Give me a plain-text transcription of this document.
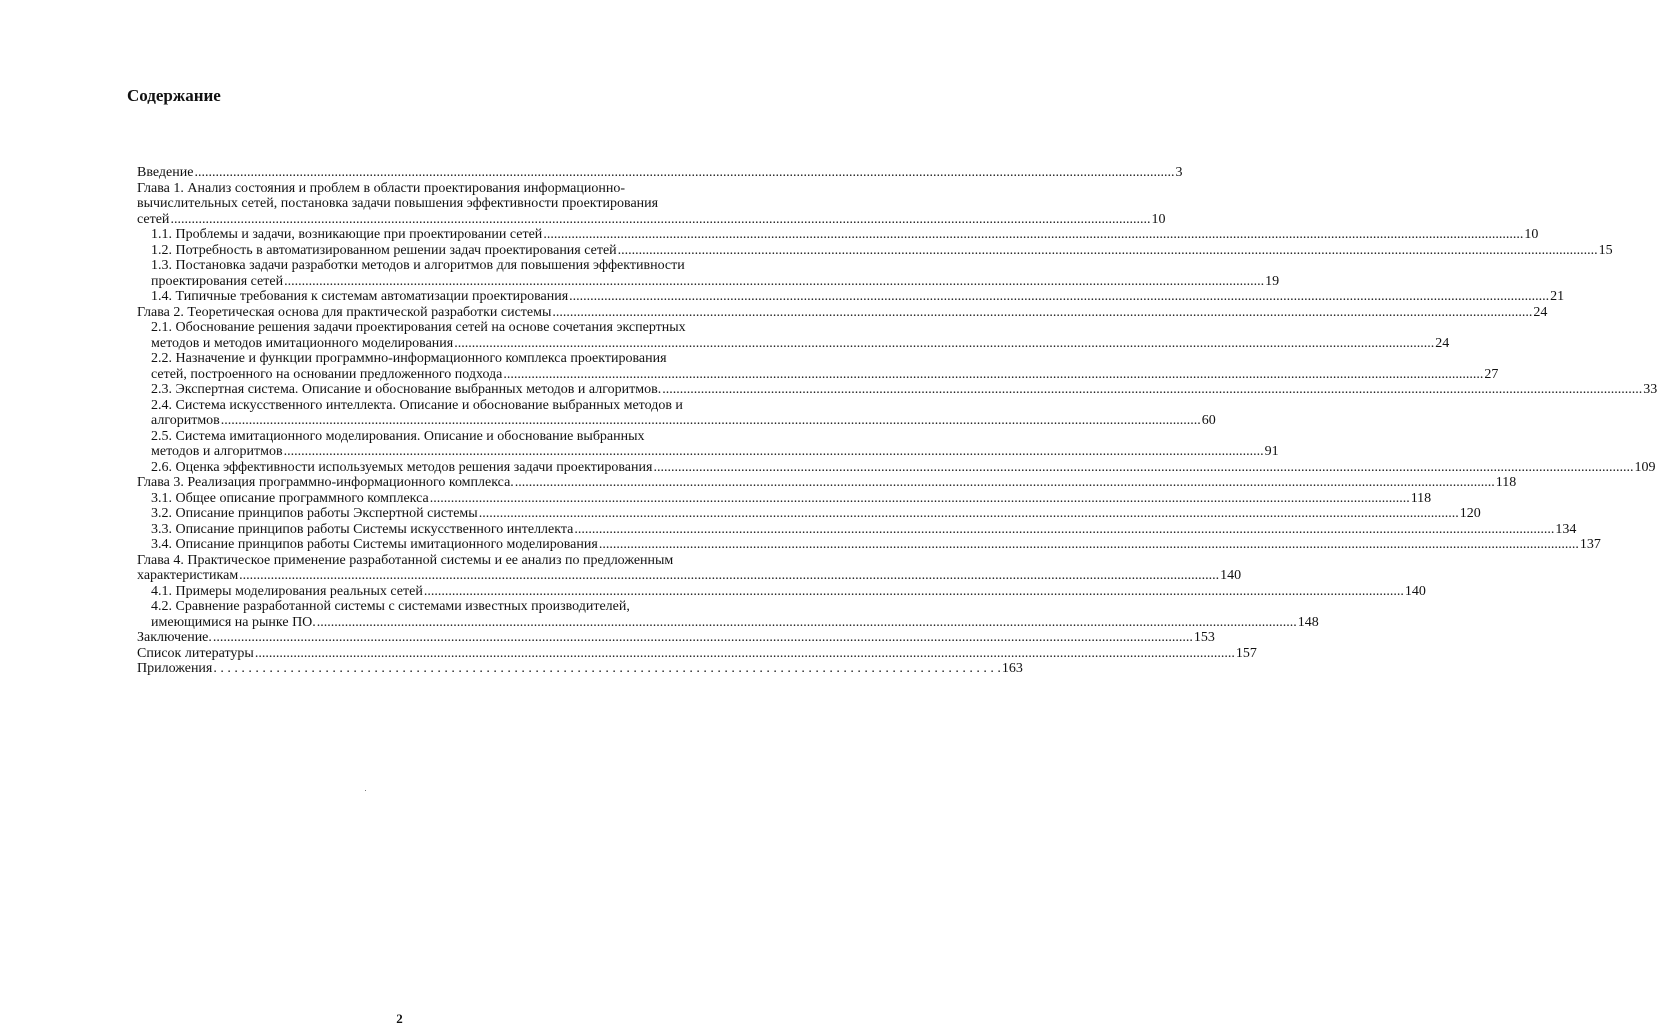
Содержание
Введение .....	3
Глава 1. Анализ состояния и проблем в области проектирования информационно-
вычислительных сетей, постановка задачи повышения эффективности проектирования
сетей .....	10
1.1. Проблемы и задачи, возникающие при проектировании сетей .....	10
1.2. Потребность в автоматизированном решении задач проектирования сетей .....	15
1.3. Постановка задачи разработки методов и алгоритмов для повышения эффективности
проектирования сетей .....	19
1.4. Типичные требования к системам автоматизации проектирования .....	21
Глава 2. Теоретическая основа для практической разработки системы .....	24
2.1. Обоснование решения задачи проектирования сетей на основе сочетания экспертных
методов и методов имитационного моделирования .....	24
2.2. Назначение и функции программно-информационного комплекса проектирования
сетей, построенного на основании предложенного подхода .....	27
2.3. Экспертная система. Описание и обоснование выбранных методов и алгоритмов. .....	33
2.4. Система искусственного интеллекта. Описание и обоснование выбранных методов и
алгоритмов .....	60
2.5. Система имитационного моделирования. Описание и обоснование выбранных
методов и алгоритмов .....	91
2.6. Оценка эффективности используемых методов решения задачи проектирования .....	109
Глава 3. Реализация программно-информационного комплекса. .....	118
3.1. Общее описание программного комплекса .....	118
3.2. Описание принципов работы Экспертной системы .....	120
3.3. Описание принципов работы Системы искусственного интеллекта .....	134
3.4. Описание принципов работы Системы имитационного моделирования .....	137
Глава 4. Практическое применение разработанной системы и ее анализ по предложенным
характеристикам .....	140
4.1. Примеры моделирования реальных сетей .....	140
4.2. Сравнение разработанной системы с системами известных производителей,
имеющимися на рынке ПО. .....	148
Заключение. .....	153
Список литературы .....	157
Приложения . . .	163

2
